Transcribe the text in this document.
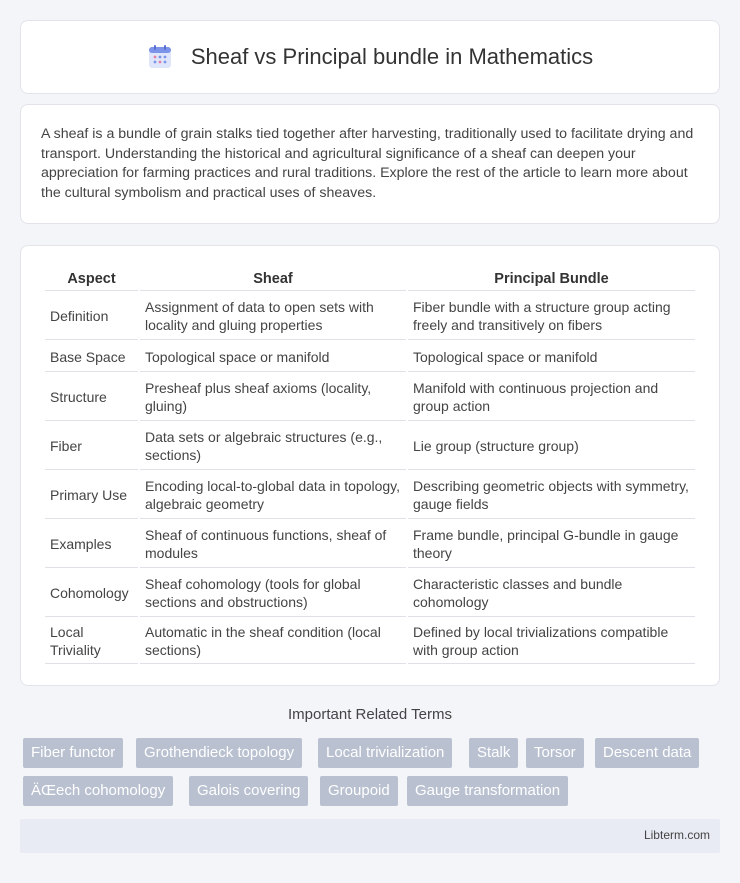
Sheaf vs Principal bundle in Mathematics

A sheaf is a bundle of grain stalks tied together after harvesting, traditionally used to facilitate drying and transport. Understanding the historical and agricultural significance of a sheaf can deepen your appreciation for farming practices and rural traditions. Explore the rest of the article to learn more about the cultural symbolism and practical uses of sheaves.

Aspect	Sheaf	Principal Bundle
Definition	Assignment of data to open sets with locality and gluing properties	Fiber bundle with a structure group acting freely and transitively on fibers
Base Space	Topological space or manifold	Topological space or manifold
Structure	Presheaf plus sheaf axioms (locality, gluing)	Manifold with continuous projection and group action
Fiber	Data sets or algebraic structures (e.g., sections)	Lie group (structure group)
Primary Use	Encoding local-to-global data in topology, algebraic geometry	Describing geometric objects with symmetry, gauge fields
Examples	Sheaf of continuous functions, sheaf of modules	Frame bundle, principal G-bundle in gauge theory
Cohomology	Sheaf cohomology (tools for global sections and obstructions)	Characteristic classes and bundle cohomology
Local Triviality	Automatic in the sheaf condition (local sections)	Defined by local trivializations compatible with group action
Important Related Terms
Fiber functor	Grothendieck topology	Local trivialization	Stalk	Torsor	Descent data
ÄŒech cohomology	Galois covering	Groupoid	Gauge transformation
Libterm.com
